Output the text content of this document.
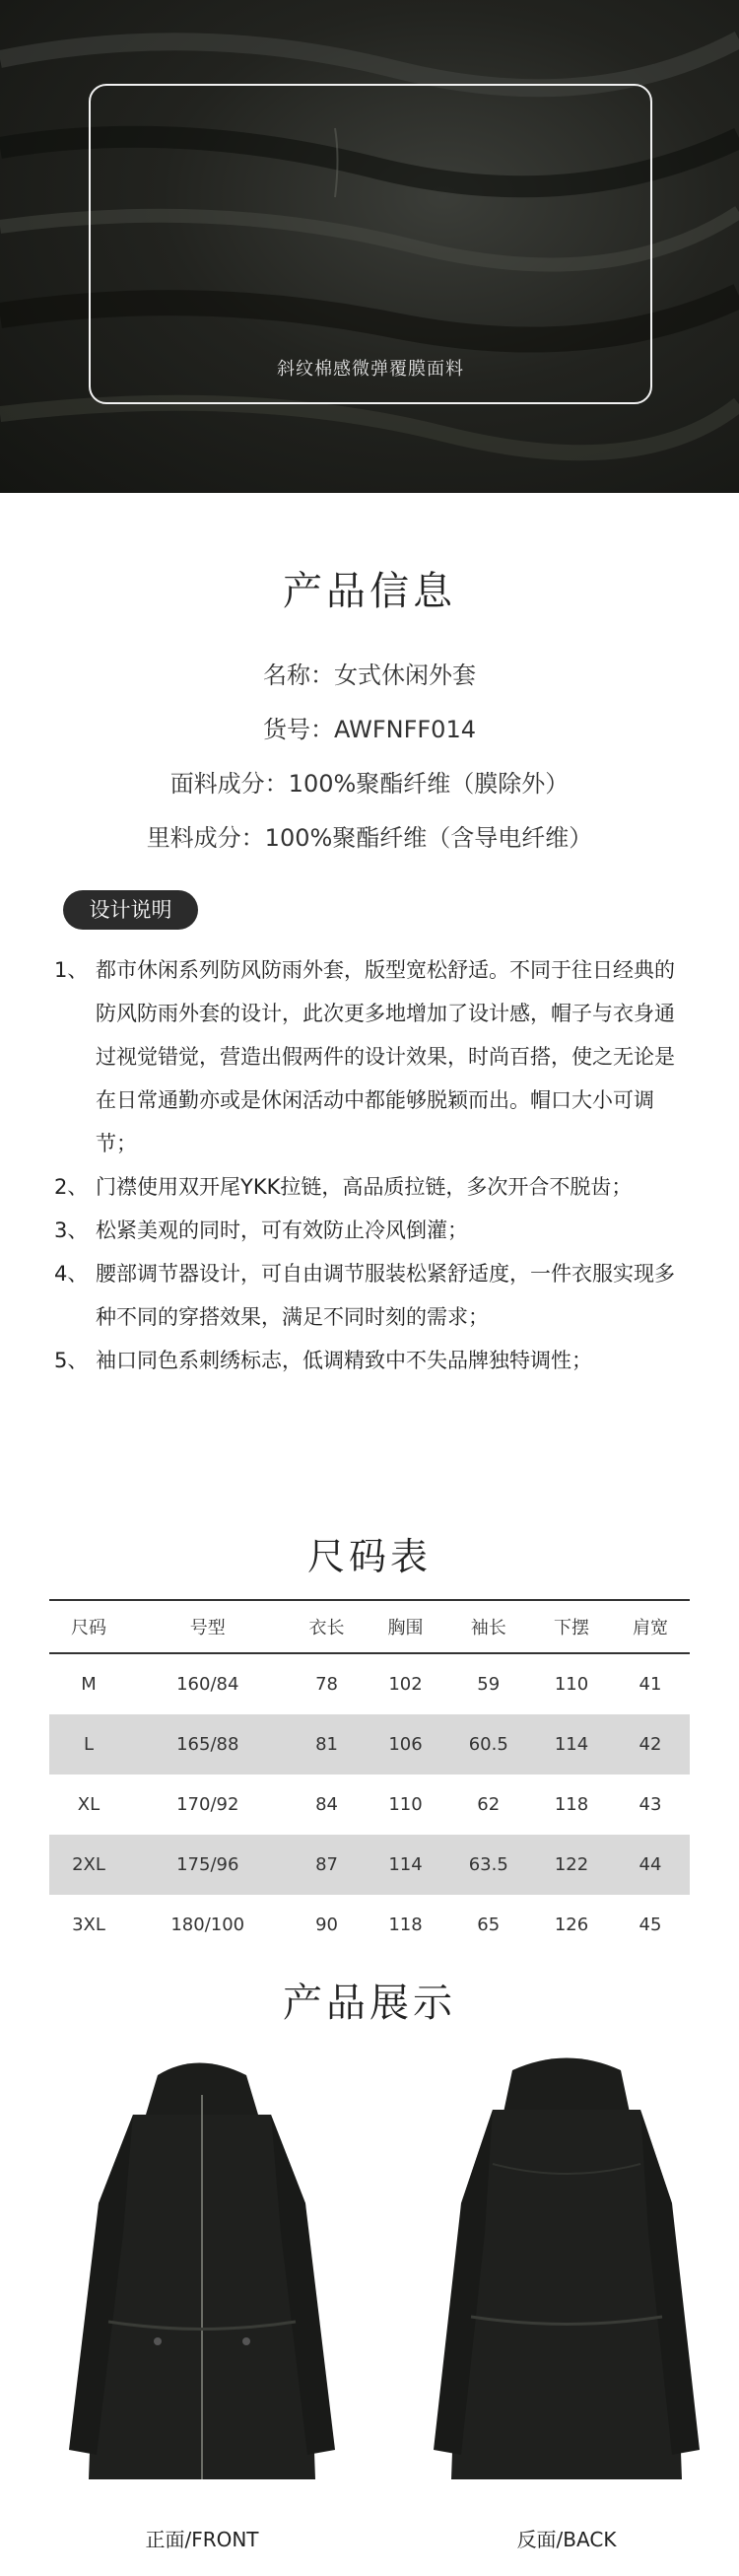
斜纹棉感微弹覆膜面料
产品信息
名称：女式休闲外套
货号：AWFNFF014
面料成分：100%聚酯纤维（膜除外）
里料成分：100%聚酯纤维（含导电纤维）
设计说明
1、 都市休闲系列防风防雨外套，版型宽松舒适。不同于往日经典的防风防雨外套的设计，此次更多地增加了设计感，帽子与衣身通过视觉错觉，营造出假两件的设计效果，时尚百搭，使之无论是在日常通勤亦或是休闲活动中都能够脱颖而出。帽口大小可调节；
2、 门襟使用双开尾YKK拉链，高品质拉链，多次开合不脱齿；
3、 松紧美观的同时，可有效防止冷风倒灌；
4、 腰部调节器设计，可自由调节服装松紧舒适度，一件衣服实现多种不同的穿搭效果，满足不同时刻的需求；
5、 袖口同色系刺绣标志，低调精致中不失品牌独特调性；
尺码表
尺码	号型	衣长	胸围	袖长	下摆	肩宽
M	160/84	78	102	59	110	41
L	165/88	81	106	60.5	114	42
XL	170/92	84	110	62	118	43
2XL	175/96	87	114	63.5	122	44
3XL	180/100	90	118	65	126	45
产品展示
正面/FRONT	反面/BACK
